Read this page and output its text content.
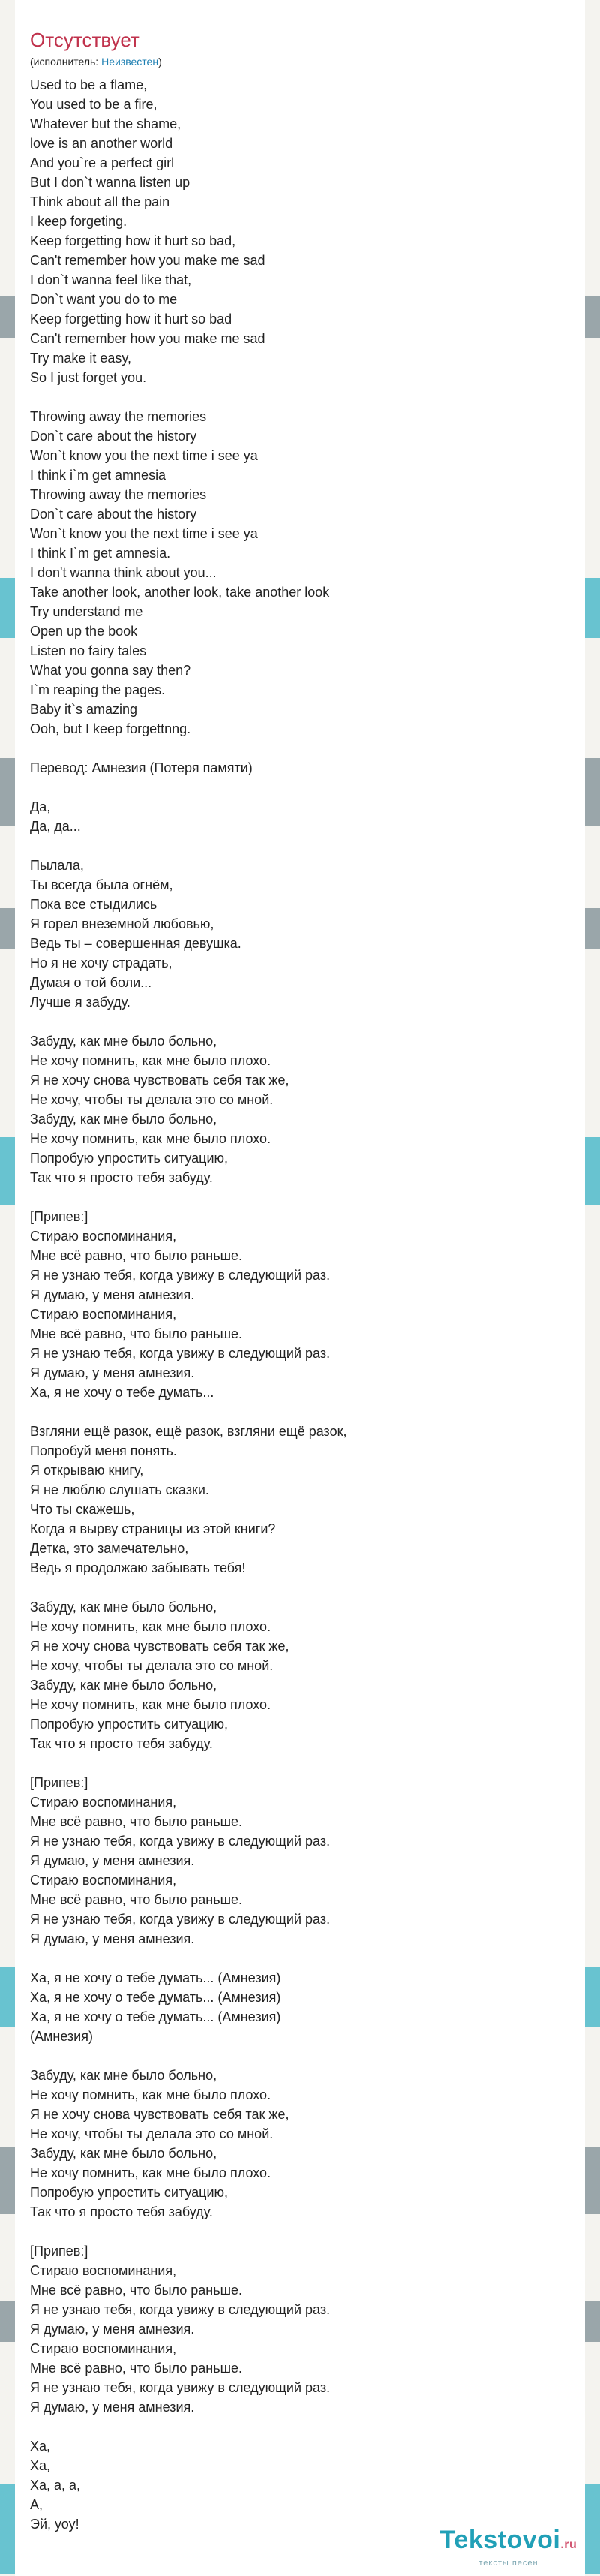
Отсутствует
(исполнитель: Неизвестен)
Used to be a flame,
You used to be a fire,
Whatever but the shame,
love is an another world
And you`re a perfect girl
But I don`t wanna listen up
Think about all the pain
I keep forgeting.
Keep forgetting how it hurt so bad,
Can't remember how you make me sad
I don`t wanna feel like that,
Don`t want you do to me
Keep forgetting how it hurt so bad
Can't remember how you make me sad
Try make it easy,
So I just forget you.

Throwing away the memories
Don`t care about the history
Won`t know you the next time i see ya
I think i`m get amnesia
Throwing away the memories
Don`t care about the history
Won`t know you the next time i see ya
I think I`m get amnesia.
I don't wanna think about you...
Take another look, another look, take another look
Try understand me
Open up the book
Listen no fairy tales
What you gonna say then?
I`m reaping the pages.
Baby it`s amazing
Ooh, but I keep forgettnng.

Перевод: Амнезия (Потеря памяти)

Да,
Да, да...

Пылала,
Ты всегда была огнём,
Пока все стыдились
Я горел внеземной любовью,
Ведь ты – совершенная девушка.
Но я не хочу страдать,
Думая о той боли...
Лучше я забуду.

Забуду, как мне было больно,
Не хочу помнить, как мне было плохо.
Я не хочу снова чувствовать себя так же,
Не хочу, чтобы ты делала это со мной.
Забуду, как мне было больно,
Не хочу помнить, как мне было плохо.
Попробую упростить ситуацию,
Так что я просто тебя забуду.

[Припев:]
Стираю воспоминания,
Мне всё равно, что было раньше.
Я не узнаю тебя, когда увижу в следующий раз.
Я думаю, у меня амнезия.
Стираю воспоминания,
Мне всё равно, что было раньше.
Я не узнаю тебя, когда увижу в следующий раз.
Я думаю, у меня амнезия.
Ха, я не хочу о тебе думать...

Взгляни ещё разок, ещё разок, взгляни ещё разок,
Попробуй меня понять.
Я открываю книгу,
Я не люблю слушать сказки.
Что ты скажешь,
Когда я вырву страницы из этой книги?
Детка, это замечательно,
Ведь я продолжаю забывать тебя!

Забуду, как мне было больно,
Не хочу помнить, как мне было плохо.
Я не хочу снова чувствовать себя так же,
Не хочу, чтобы ты делала это со мной.
Забуду, как мне было больно,
Не хочу помнить, как мне было плохо.
Попробую упростить ситуацию,
Так что я просто тебя забуду.

[Припев:]
Стираю воспоминания,
Мне всё равно, что было раньше.
Я не узнаю тебя, когда увижу в следующий раз.
Я думаю, у меня амнезия.
Стираю воспоминания,
Мне всё равно, что было раньше.
Я не узнаю тебя, когда увижу в следующий раз.
Я думаю, у меня амнезия.

Ха, я не хочу о тебе думать... (Амнезия)
Ха, я не хочу о тебе думать... (Амнезия)
Ха, я не хочу о тебе думать... (Амнезия)
(Амнезия)

Забуду, как мне было больно,
Не хочу помнить, как мне было плохо.
Я не хочу снова чувствовать себя так же,
Не хочу, чтобы ты делала это со мной.
Забуду, как мне было больно,
Не хочу помнить, как мне было плохо.
Попробую упростить ситуацию,
Так что я просто тебя забуду.

[Припев:]
Стираю воспоминания,
Мне всё равно, что было раньше.
Я не узнаю тебя, когда увижу в следующий раз.
Я думаю, у меня амнезия.
Стираю воспоминания,
Мне всё равно, что было раньше.
Я не узнаю тебя, когда увижу в следующий раз.
Я думаю, у меня амнезия.

Ха,
Ха,
Ха, а, а,
А,
Эй, уоу!
Tekstovoi.ru
тексты песен
